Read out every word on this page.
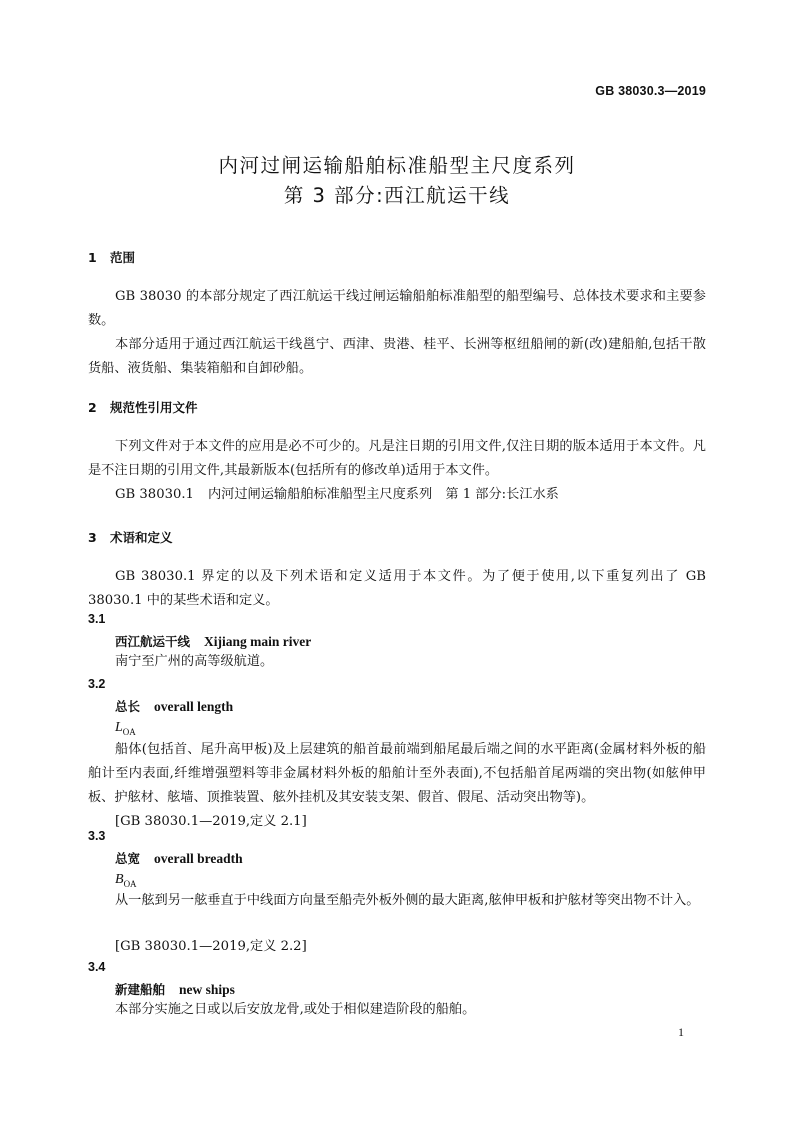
GB 38030.3—2019
内河过闸运输船舶标准船型主尺度系列
第 3 部分:西江航运干线
1 范围
GB 38030 的本部分规定了西江航运干线过闸运输船舶标准船型的船型编号、总体技术要求和主要参数。
本部分适用于通过西江航运干线邕宁、西津、贵港、桂平、长洲等枢纽船闸的新(改)建船舶,包括干散货船、液货船、集装箱船和自卸砂船。
2 规范性引用文件
下列文件对于本文件的应用是必不可少的。凡是注日期的引用文件,仅注日期的版本适用于本文件。凡是不注日期的引用文件,其最新版本(包括所有的修改单)适用于本文件。
GB 38030.1 内河过闸运输船舶标准船型主尺度系列　第 1 部分:长江水系
3 术语和定义
GB 38030.1 界定的以及下列术语和定义适用于本文件。为了便于使用,以下重复列出了 GB 38030.1 中的某些术语和定义。
3.1
西江航运干线 Xijiang main river
南宁至广州的高等级航道。
3.2
总长 overall length
$L_{OA}$
船体(包括首、尾升高甲板)及上层建筑的船首最前端到船尾最后端之间的水平距离(金属材料外板的船舶计至内表面,纤维增强塑料等非金属材料外板的船舶计至外表面),不包括船首尾两端的突出物(如舷伸甲板、护舷材、舷墙、顶推装置、舷外挂机及其安装支架、假首、假尾、活动突出物等)。
[GB 38030.1—2019,定义 2.1]
3.3
总宽 overall breadth
$B_{OA}$
从一舷到另一舷垂直于中线面方向量至船壳外板外侧的最大距离,舷伸甲板和护舷材等突出物不计入。
[GB 38030.1—2019,定义 2.2]
3.4
新建船舶 new ships
本部分实施之日或以后安放龙骨,或处于相似建造阶段的船舶。
1
